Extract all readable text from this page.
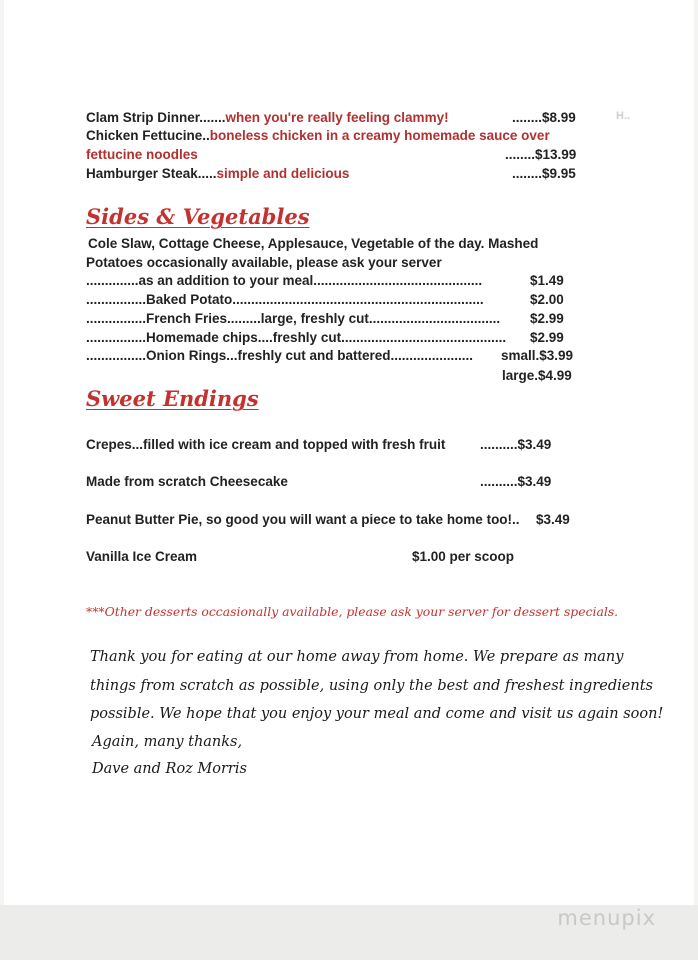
H..
Clam Strip Dinner.......when you're really feeling clammy!	........$8.99
Chicken Fettucine..boneless chicken in a creamy homemade sauce over
fettucine noodles	........$13.99
Hamburger Steak.....simple and delicious	........$9.95
Sides & Vegetables
Cole Slaw, Cottage Cheese, Applesauce, Vegetable of the day. Mashed
Potatoes occasionally available, please ask your server
..............as an addition to your meal.............................................	$1.49
................Baked Potato...................................................................	$2.00
................French Fries.........large, freshly cut...................................	$2.99
................Homemade chips....freshly cut............................................	$2.99
................Onion Rings...freshly cut and battered......................	small.$3.99
large.$4.99
Sweet Endings
Crepes...filled with ice cream and topped with fresh fruit	..........$3.49
Made from scratch Cheesecake	..........$3.49
Peanut Butter Pie, so good you will want a piece to take home too!.. $3.49
Vanilla Ice Cream	$1.00 per scoop
***Other desserts occasionally available, please ask your server for dessert specials.
Thank you for eating at our home away from home. We prepare as many
things from scratch as possible, using only the best and freshest ingredients
possible. We hope that you enjoy your meal and come and visit us again soon!
Again, many thanks,
Dave and Roz Morris
menupix
